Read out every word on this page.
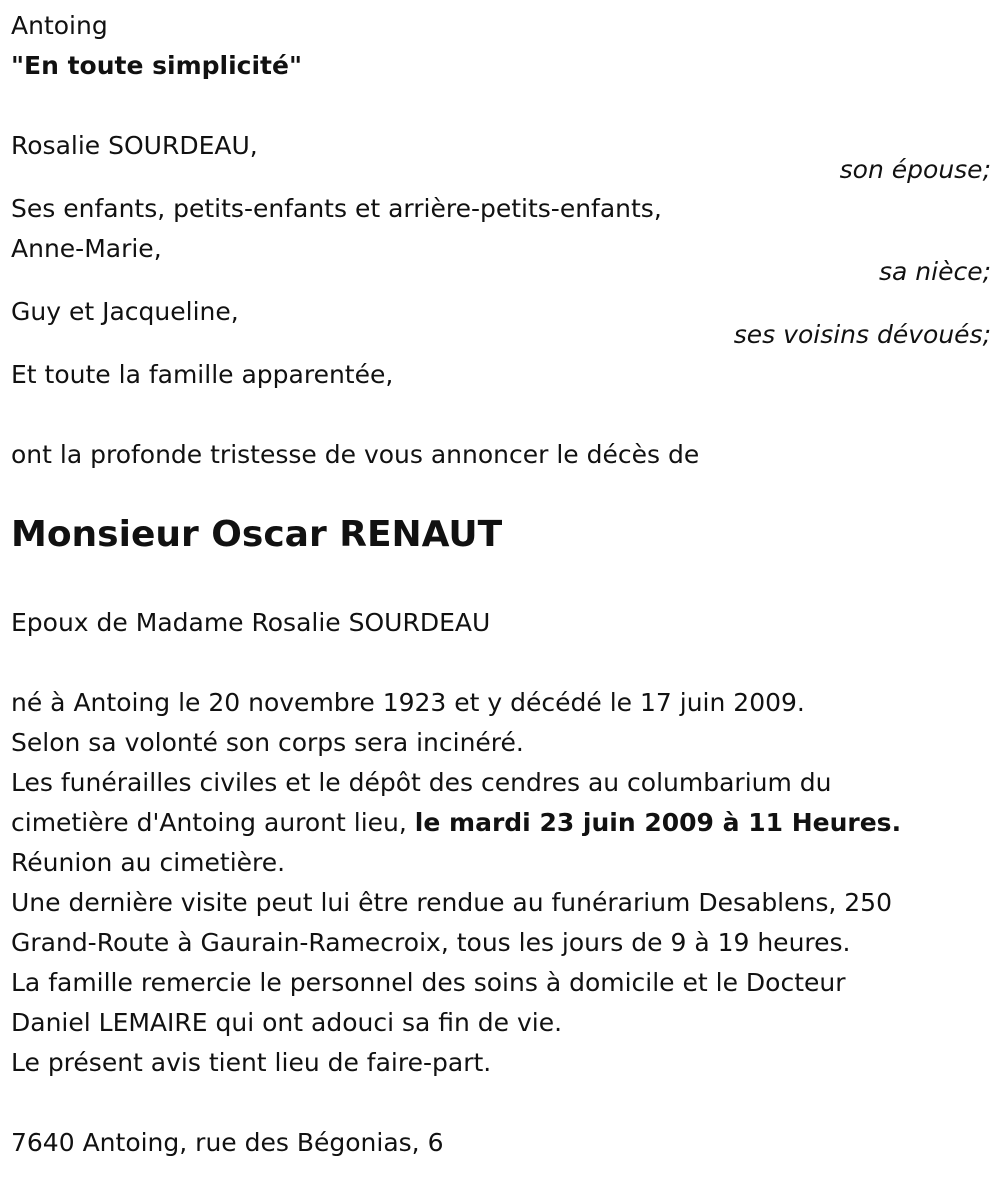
Antoing
"En toute simplicité"
Rosalie SOURDEAU,
son épouse;
Ses enfants, petits-enfants et arrière-petits-enfants,
Anne-Marie,
sa nièce;
Guy et Jacqueline,
ses voisins dévoués;
Et toute la famille apparentée,
ont la profonde tristesse de vous annoncer le décès de
Monsieur Oscar RENAUT
Epoux de Madame Rosalie SOURDEAU
né à Antoing le 20 novembre 1923 et y décédé le 17 juin 2009.
Selon sa volonté son corps sera incinéré.
Les funérailles civiles et le dépôt des cendres au columbarium du
cimetière d'Antoing auront lieu, le mardi 23 juin 2009 à 11 Heures.
Réunion au cimetière.
Une dernière visite peut lui être rendue au funérarium Desablens, 250
Grand-Route à Gaurain-Ramecroix, tous les jours de 9 à 19 heures.
La famille remercie le personnel des soins à domicile et le Docteur
Daniel LEMAIRE qui ont adouci sa fin de vie.
Le présent avis tient lieu de faire-part.
7640 Antoing, rue des Bégonias, 6
